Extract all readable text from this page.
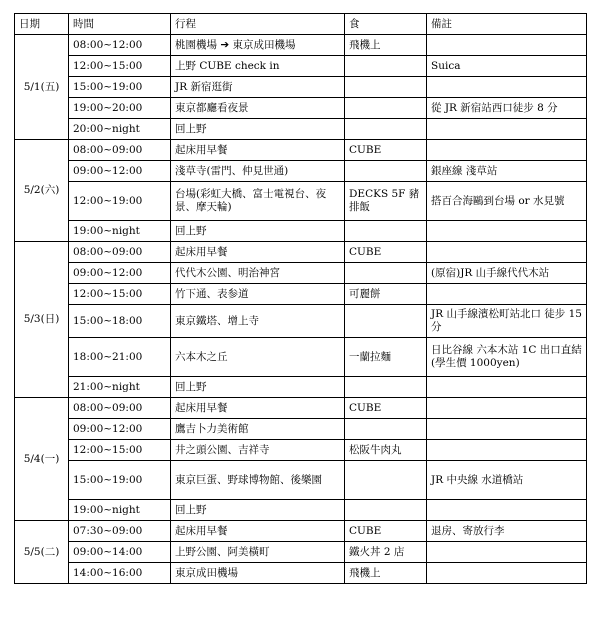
日期	時間	行程	食	備註
5/1(五)	08:00~12:00	桃園機場 ➔ 東京成田機場	飛機上	
	12:00~15:00	上野 CUBE check in		Suica
	15:00~19:00	JR 新宿逛街		
	19:00~20:00	東京都廳看夜景		從 JR 新宿站西口徒步 8 分
	20:00~night	回上野		
5/2(六)	08:00~09:00	起床用早餐	CUBE	
	09:00~12:00	淺草寺(雷門、仲見世通)		銀座線 淺草站
	12:00~19:00	台場(彩虹大橋、富士電視台、夜景、摩天輪)	DECKS 5F 豬排飯	搭百合海鷗到台場 or 水見號
	19:00~night	回上野		
5/3(日)	08:00~09:00	起床用早餐	CUBE	
	09:00~12:00	代代木公園、明治神宮		(原宿)JR 山手線代代木站
	12:00~15:00	竹下通、表参道	可麗餅	
	15:00~18:00	東京鐵塔、增上寺		JR 山手線濱松町站北口 徒步 15 分
	18:00~21:00	六本木之丘	一蘭拉麵	日比谷線 六本木站 1C 出口直結 (學生價 1000yen)
	21:00~night	回上野		
5/4(一)	08:00~09:00	起床用早餐	CUBE	
	09:00~12:00	鷹吉卜力美術館		
	12:00~15:00	井之頭公園、吉祥寺	松阪牛肉丸	
	15:00~19:00	東京巨蛋、野球博物館、後樂園		JR 中央線 水道橋站
	19:00~night	回上野		
5/5(二)	07:30~09:00	起床用早餐	CUBE	退房、寄放行李
	09:00~14:00	上野公園、阿美橫町	鐵火丼 2 店	
	14:00~16:00	東京成田機場	飛機上	
